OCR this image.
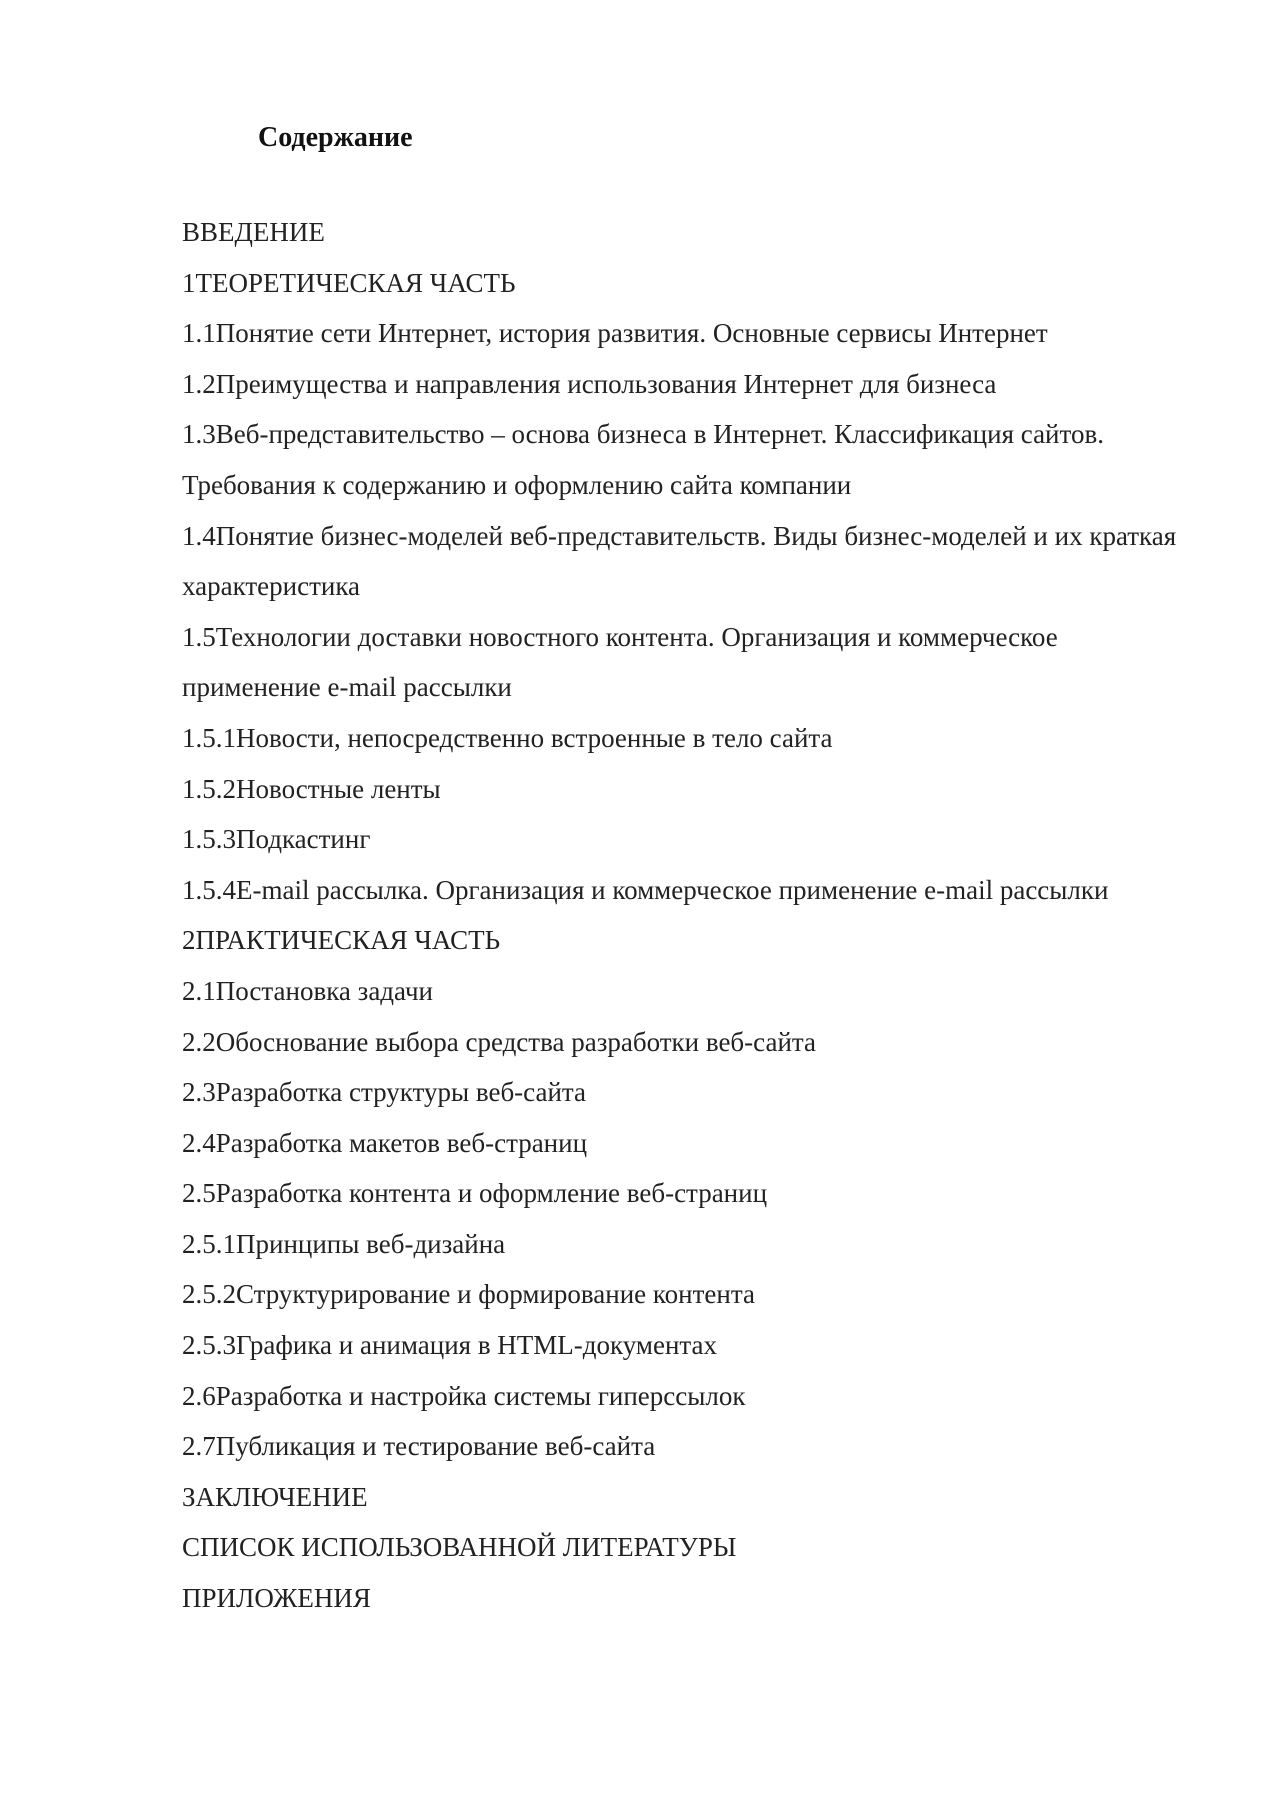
Содержание
ВВЕДЕНИЕ
1ТЕОРЕТИЧЕСКАЯ ЧАСТЬ
1.1Понятие сети Интернет, история развития. Основные сервисы Интернет
1.2Преимущества и направления использования Интернет для бизнеса
1.3Веб-представительство – основа бизнеса в Интернет. Классификация сайтов. Требования к содержанию и оформлению сайта компании
1.4Понятие бизнес-моделей веб-представительств. Виды бизнес-моделей и их краткая характеристика
1.5Технологии доставки новостного контента. Организация и коммерческое применение e-mail рассылки
1.5.1Новости, непосредственно встроенные в тело сайта
1.5.2Новостные ленты
1.5.3Подкастинг
1.5.4E-mail рассылка. Организация и коммерческое применение e-mail рассылки
2ПРАКТИЧЕСКАЯ ЧАСТЬ
2.1Постановка задачи
2.2Обоснование выбора средства разработки веб-сайта
2.3Разработка структуры веб-сайта
2.4Разработка макетов веб-страниц
2.5Разработка контента и оформление веб-страниц
2.5.1Принципы веб-дизайна
2.5.2Структурирование и формирование контента
2.5.3Графика и анимация в HTML-документах
2.6Разработка и настройка системы гиперссылок
2.7Публикация и тестирование веб-сайта
ЗАКЛЮЧЕНИЕ
СПИСОК ИСПОЛЬЗОВАННОЙ ЛИТЕРАТУРЫ
ПРИЛОЖЕНИЯ
